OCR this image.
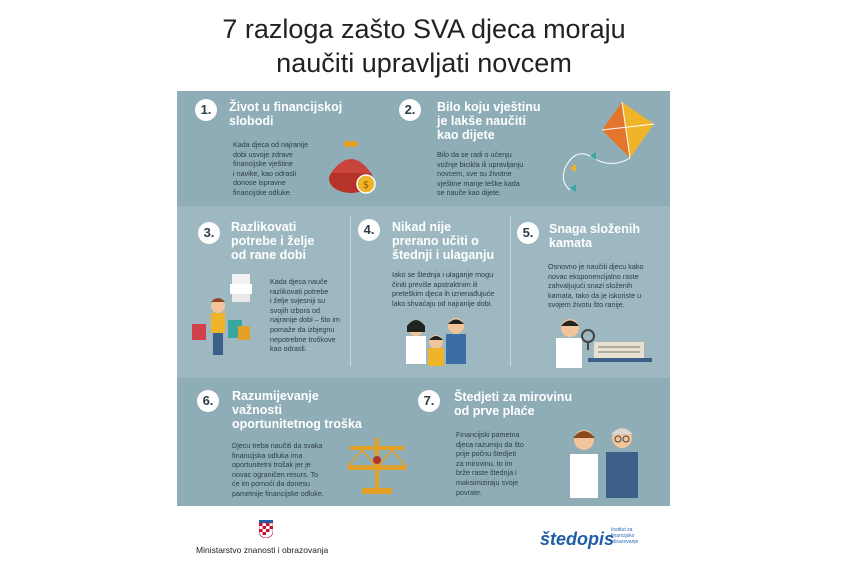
7 razloga zašto SVA djeca moraju
naučiti upravljati novcem
1.	Život u financijskoj
slobodi
Kada djeca od najranije
dobi usvoje zdrave
financijske vještine
i navike, kao odrasli
donose ispravne
financijske odluke.
$
2.	Bilo koju vještinu
je lakše naučiti
kao dijete
Bilo da se radi o učenju
vožnje bicikla ili upravljanju
novcem, sve su životne
vještine manje teške kada
se nauče kao dijete.
3.	Razlikovati
potrebe i želje
od rane dobi
Kada djeca nauče
razlikovati potrebe
i želje svjesniji su
svojih izbora od
najranije dobi – što im
pomaže da izbjegnu
nepotrebne troškove
kao odrasli.
4.	Nikad nije
prerano učiti o
štednji i ulaganju
Iako se štednja i ulaganje mogu
činiti previše apstraktnim ili
pretеškim djeca ih iznenađujuće
lako shvaćaju od najranije dobi.
5.	Snaga složenih
kamata
Osnovno je naučiti djecu kako
novac eksponencijalno raste
zahvaljujući snazi složenih
kamata, tako da je iskoriste u
svojem životu što ranije.
6.	Razumijevanje
važnosti
oportunitetnog troška
Djecu treba naučiti da svaka
financijska odluka ima
oportunitetni trošak jer je
novac ograničen resurs. To
će im pomoći da donesu
pametnije financijske odluke.
7.	Štedjeti za mirovinu
od prve plaće
Financijski pametna
djeca razumiju da što
prije počnu štedjeti
za mirovinu, to im
brže raste štednja i
maksimiziraju svoje
povrate.
Ministarstvo znanosti i obrazovanja
štedopis
Institut za
financijsko
obrazovanje
